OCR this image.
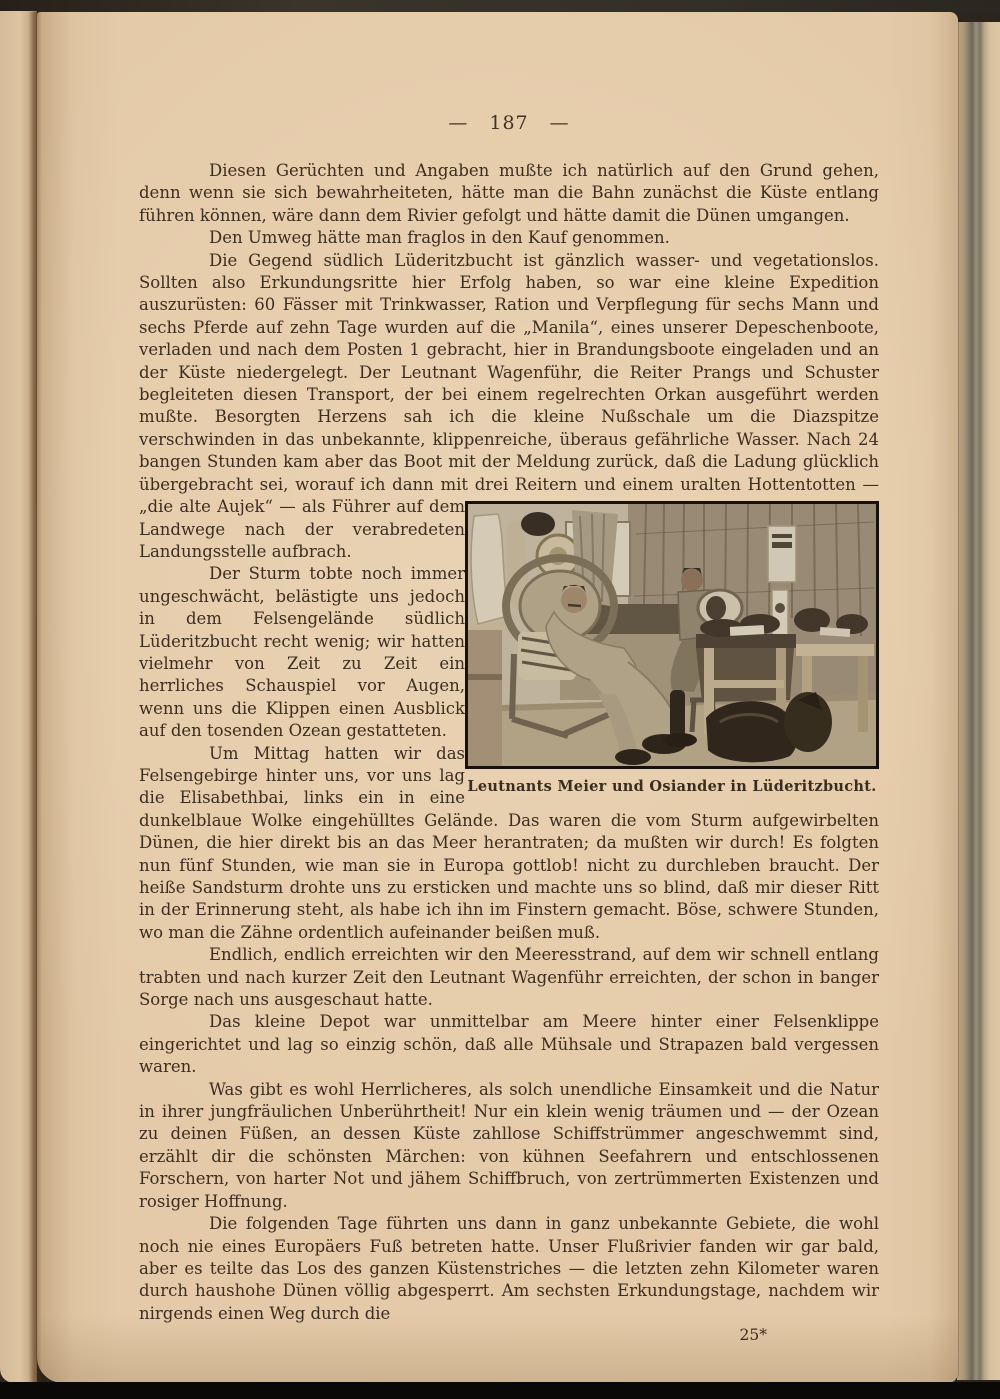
— 187 —

Diesen Gerüchten und Angaben mußte ich natürlich auf den Grund gehen, denn wenn sie sich bewahrheiteten, hätte man die Bahn zunächst die Küste entlang führen können, wäre dann dem Rivier gefolgt und hätte damit die Dünen umgangen.

Den Umweg hätte man fraglos in den Kauf genommen.

Die Gegend südlich Lüderitzbucht ist gänzlich wasser- und vegetationslos. Sollten also Erkundungsritte hier Erfolg haben, so war eine kleine Expedition auszurüsten: 60 Fässer mit Trinkwasser, Ration und Verpflegung für sechs Mann und sechs Pferde auf zehn Tage wurden auf die „Manila“, eines unserer Depeschenboote, verladen und nach dem Posten 1 gebracht, hier in Brandungsboote eingeladen und an der Küste niedergelegt. Der Leutnant Wagenführ, die Reiter Prangs und Schuster begleiteten diesen Transport, der bei einem regelrechten Orkan ausgeführt werden mußte. Besorgten Herzens sah ich die kleine Nußschale um die Diazspitze verschwinden in das unbekannte, klippenreiche, überaus gefährliche Wasser. Nach 24 bangen Stunden kam aber das Boot mit der Meldung zurück, daß die Ladung glücklich übergebracht sei, worauf ich dann mit drei Reitern und einem uralten Hottentotten —

Leutnants Meier und Osiander in Lüderitzbucht.

„die alte Aujek“ — als Führer auf dem Landwege nach der verabredeten Landungsstelle aufbrach.

Der Sturm tobte noch immer ungeschwächt, belästigte uns jedoch in dem Felsengelände südlich Lüderitzbucht recht wenig; wir hatten vielmehr von Zeit zu Zeit ein herrliches Schauspiel vor Augen, wenn uns die Klippen einen Ausblick auf den tosenden Ozean gestatteten.

Um Mittag hatten wir das Felsengebirge hinter uns, vor uns lag die Elisabethbai, links ein in eine dunkelblaue Wolke eingehülltes Gelände. Das waren die vom Sturm aufgewirbelten Dünen, die hier direkt bis an das Meer herantraten; da mußten wir durch! Es folgten nun fünf Stunden, wie man sie in Europa gottlob! nicht zu durchleben braucht. Der heiße Sandsturm drohte uns zu ersticken und machte uns so blind, daß mir dieser Ritt in der Erinnerung steht, als habe ich ihn im Finstern gemacht. Böse, schwere Stunden, wo man die Zähne ordentlich aufeinander beißen muß.

Endlich, endlich erreichten wir den Meeresstrand, auf dem wir schnell entlang trabten und nach kurzer Zeit den Leutnant Wagenführ erreichten, der schon in banger Sorge nach uns ausgeschaut hatte.

Das kleine Depot war unmittelbar am Meere hinter einer Felsenklippe eingerichtet und lag so einzig schön, daß alle Mühsale und Strapazen bald vergessen waren.

Was gibt es wohl Herrlicheres, als solch unendliche Einsamkeit und die Natur in ihrer jungfräulichen Unberührtheit! Nur ein klein wenig träumen und — der Ozean zu deinen Füßen, an dessen Küste zahllose Schiffstrümmer angeschwemmt sind, erzählt dir die schönsten Märchen: von kühnen Seefahrern und entschlossenen Forschern, von harter Not und jähem Schiffbruch, von zertrümmerten Existenzen und rosiger Hoffnung.

Die folgenden Tage führten uns dann in ganz unbekannte Gebiete, die wohl noch nie eines Europäers Fuß betreten hatte. Unser Flußrivier fanden wir gar bald, aber es teilte das Los des ganzen Küstenstriches — die letzten zehn Kilometer waren durch haushohe Dünen völlig abgesperrt. Am sechsten Erkundungstage, nachdem wir nirgends einen Weg durch die

25*
